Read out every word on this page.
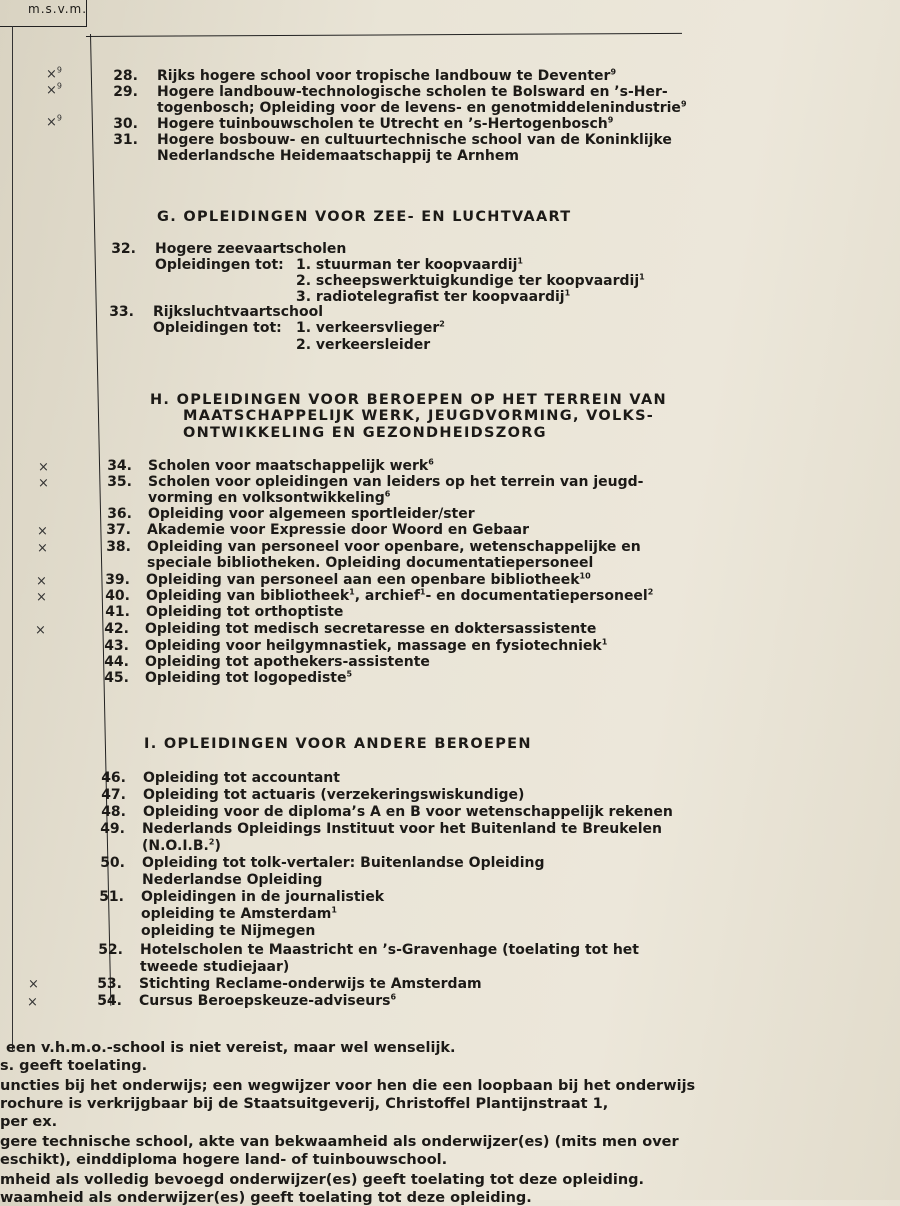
m.s.v.m.
×$^9$
×$^9$
×$^9$
×
×
×
×
×
×
×
×
×
28. Rijks hogere school voor tropische landbouw te Deventer$^9$
29. Hogere landbouw-technologische scholen te Bolsward en ’s-Her-
togenbosch; Opleiding voor de levens- en genotmiddelenindustrie$^9$
30. Hogere tuinbouwscholen te Utrecht en ’s-Hertogenbosch$^9$
31. Hogere bosbouw- en cultuurtechnische school van de Koninklijke
Nederlandsche Heidemaatschappij te Arnhem
G. OPLEIDINGEN VOOR ZEE- EN LUCHTVAART
32. Hogere zeevaartscholen
Opleidingen tot: 1. stuurman ter koopvaardij$^1$
2. scheepswerktuigkundige ter koopvaardij$^1$
3. radiotelegrafist ter koopvaardij$^1$
33. Rijksluchtvaartschool
Opleidingen tot: 1. verkeersvlieger$^2$
2. verkeersleider
H. OPLEIDINGEN VOOR BEROEPEN OP HET TERREIN VAN
MAATSCHAPPELIJK WERK, JEUGDVORMING, VOLKS-
ONTWIKKELING EN GEZONDHEIDSZORG
34. Scholen voor maatschappelijk werk$^6$
35. Scholen voor opleidingen van leiders op het terrein van jeugd-
vorming en volksontwikkeling$^6$
36. Opleiding voor algemeen sportleider/ster
37. Akademie voor Expressie door Woord en Gebaar
38. Opleiding van personeel voor openbare, wetenschappelijke en
speciale bibliotheken. Opleiding documentatiepersoneel
39. Opleiding van personeel aan een openbare bibliotheek$^{10}$
40. Opleiding van bibliotheek$^1$, archief$^1$- en documentatiepersoneel$^2$
41. Opleiding tot orthoptiste
42. Opleiding tot medisch secretaresse en doktersassistente
43. Opleiding voor heilgymnastiek, massage en fysiotechniek$^1$
44. Opleiding tot apothekers-assistente
45. Opleiding tot logopediste$^5$
I. OPLEIDINGEN VOOR ANDERE BEROEPEN
46. Opleiding tot accountant
47. Opleiding tot actuaris (verzekeringswiskundige)
48. Opleiding voor de diploma’s A en B voor wetenschappelijk rekenen
49. Nederlands Opleidings Instituut voor het Buitenland te Breukelen
(N.O.I.B.$^2$)
50. Opleiding tot tolk-vertaler: Buitenlandse Opleiding
Nederlandse Opleiding
51. Opleidingen in de journalistiek
opleiding te Amsterdam$^1$
opleiding te Nijmegen
52. Hotelscholen te Maastricht en ’s-Gravenhage (toelating tot het
tweede studiejaar)
53. Stichting Reclame-onderwijs te Amsterdam
54. Cursus Beroepskeuze-adviseurs$^6$
een v.h.m.o.-school is niet vereist, maar wel wenselijk.
s. geeft toelating.
uncties bij het onderwijs; een wegwijzer voor hen die een loopbaan bij het onderwijs
rochure is verkrijgbaar bij de Staatsuitgeverij, Christoffel Plantijnstraat 1,
per ex.
gere technische school, akte van bekwaamheid als onderwijzer(es) (mits men over
eschikt), einddiploma hogere land- of tuinbouwschool.
mheid als volledig bevoegd onderwijzer(es) geeft toelating tot deze opleiding.
waamheid als onderwijzer(es) geeft toelating tot deze opleiding.
